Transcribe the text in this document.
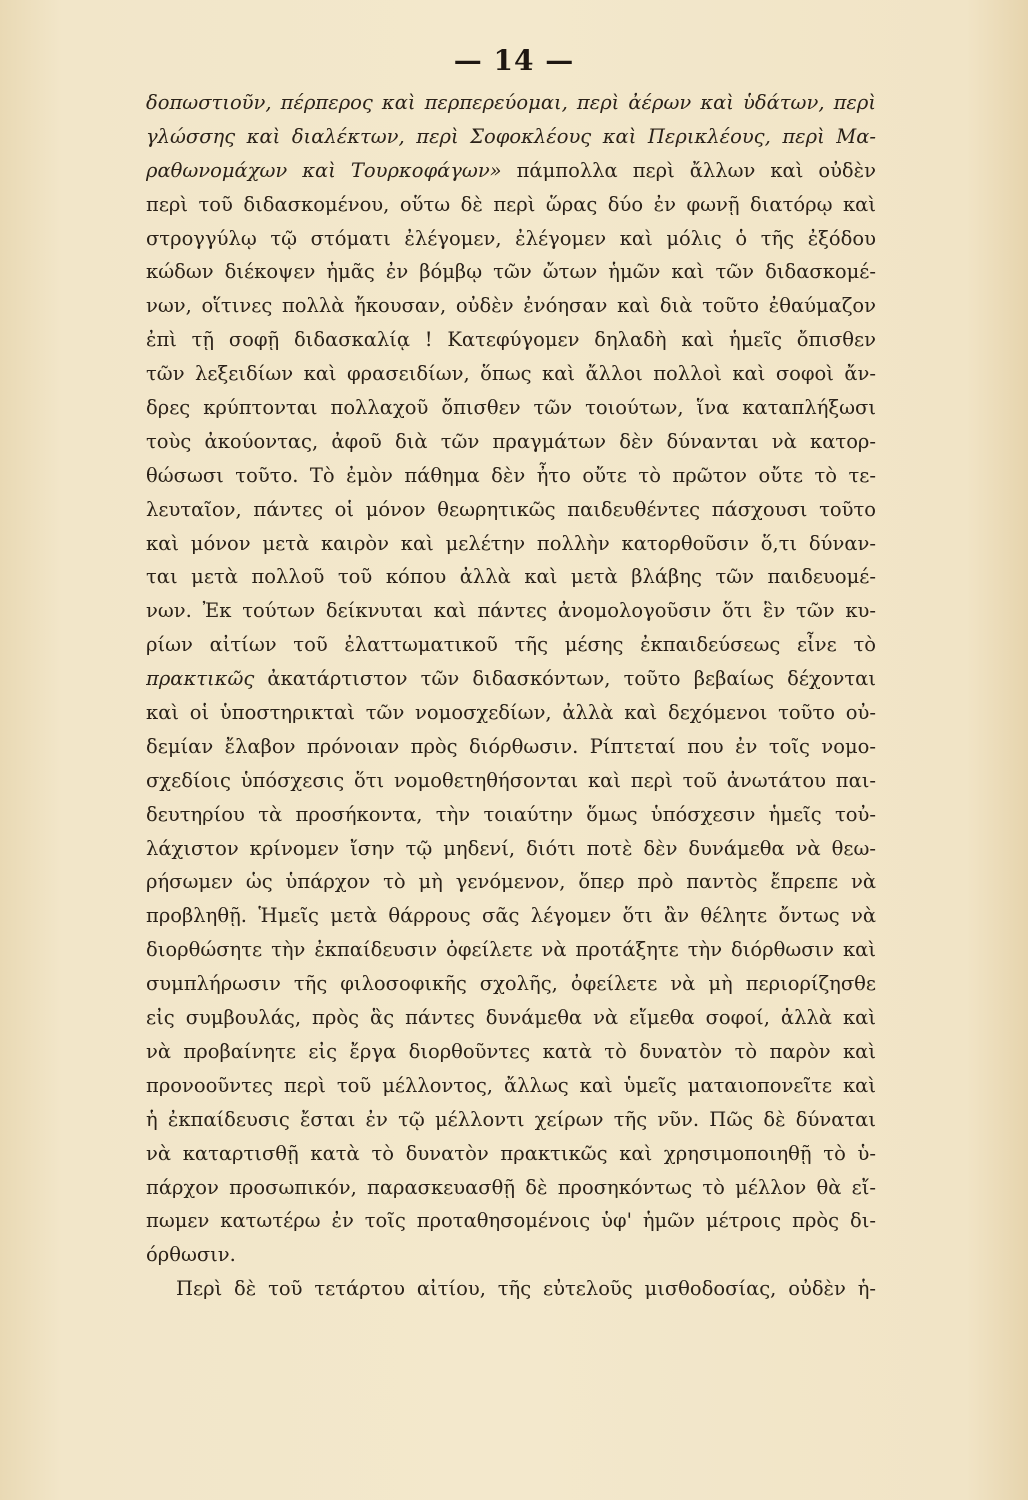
— 14 —
δοπωστιοῦν, πέρπερος καὶ περπερεύομαι, περὶ ἀέρων καὶ ὑδάτων, περὶ
γλώσσης καὶ διαλέκτων, περὶ Σοφοκλέους καὶ Περικλέους, περὶ Μα-
ραθωνομάχων καὶ Τουρκοφάγων» πάμπολλα περὶ ἄλλων καὶ οὐδὲν
περὶ τοῦ διδασκομένου, οὕτω δὲ περὶ ὥρας δύο ἐν φωνῇ διατόρῳ καὶ
στρογγύλῳ τῷ στόματι ἐλέγομεν, ἐλέγομεν καὶ μόλις ὁ τῆς ἐξόδου
κώδων διέκοψεν ἡμᾶς ἐν βόμβῳ τῶν ὤτων ἡμῶν καὶ τῶν διδασκομέ-
νων, οἵτινες πολλὰ ἤκουσαν, οὐδὲν ἐνόησαν καὶ διὰ τοῦτο ἐθαύμαζον
ἐπὶ τῇ σοφῇ διδασκαλίᾳ ! Κατεφύγομεν δηλαδὴ καὶ ἡμεῖς ὄπισθεν
τῶν λεξειδίων καὶ φρασειδίων, ὅπως καὶ ἄλλοι πολλοὶ καὶ σοφοὶ ἄν-
δρες κρύπτονται πολλαχοῦ ὄπισθεν τῶν τοιούτων, ἵνα καταπλήξωσι
τοὺς ἀκούοντας, ἀφοῦ διὰ τῶν πραγμάτων δὲν δύνανται νὰ κατορ-
θώσωσι τοῦτο. Τὸ ἐμὸν πάθημα δὲν ἦτο οὔτε τὸ πρῶτον οὔτε τὸ τε-
λευταῖον, πάντες οἱ μόνον θεωρητικῶς παιδευθέντες πάσχουσι τοῦτο
καὶ μόνον μετὰ καιρὸν καὶ μελέτην πολλὴν κατορθοῦσιν ὅ,τι δύναν-
ται μετὰ πολλοῦ τοῦ κόπου ἀλλὰ καὶ μετὰ βλάβης τῶν παιδευομέ-
νων. Ἐκ τούτων δείκνυται καὶ πάντες ἀνομολογοῦσιν ὅτι ἓν τῶν κυ-
ρίων αἰτίων τοῦ ἐλαττωματικοῦ τῆς μέσης ἐκπαιδεύσεως εἶνε τὸ
πρακτικῶς ἀκατάρτιστον τῶν διδασκόντων, τοῦτο βεβαίως δέχονται
καὶ οἱ ὑποστηρικταὶ τῶν νομοσχεδίων, ἀλλὰ καὶ δεχόμενοι τοῦτο οὐ-
δεμίαν ἔλαβον πρόνοιαν πρὸς διόρθωσιν. Ρίπτεταί που ἐν τοῖς νομο-
σχεδίοις ὑπόσχεσις ὅτι νομοθετηθήσονται καὶ περὶ τοῦ ἀνωτάτου παι-
δευτηρίου τὰ προσήκοντα, τὴν τοιαύτην ὅμως ὑπόσχεσιν ἡμεῖς τοὐ-
λάχιστον κρίνομεν ἴσην τῷ μηδενί, διότι ποτὲ δὲν δυνάμεθα νὰ θεω-
ρήσωμεν ὡς ὑπάρχον τὸ μὴ γενόμενον, ὅπερ πρὸ παντὸς ἔπρεπε νὰ
προβληθῇ. Ἡμεῖς μετὰ θάρρους σᾶς λέγομεν ὅτι ἂν θέλητε ὄντως νὰ
διορθώσητε τὴν ἐκπαίδευσιν ὀφείλετε νὰ προτάξητε τὴν διόρθωσιν καὶ
συμπλήρωσιν τῆς φιλοσοφικῆς σχολῆς, ὀφείλετε νὰ μὴ περιορίζησθε
εἰς συμβουλάς, πρὸς ἃς πάντες δυνάμεθα νὰ εἴμεθα σοφοί, ἀλλὰ καὶ
νὰ προβαίνητε εἰς ἔργα διορθοῦντες κατὰ τὸ δυνατὸν τὸ παρὸν καὶ
προνοοῦντες περὶ τοῦ μέλλοντος, ἄλλως καὶ ὑμεῖς ματαιοπονεῖτε καὶ
ἡ ἐκπαίδευσις ἔσται ἐν τῷ μέλλοντι χείρων τῆς νῦν. Πῶς δὲ δύναται
νὰ καταρτισθῇ κατὰ τὸ δυνατὸν πρακτικῶς καὶ χρησιμοποιηθῇ τὸ ὑ-
πάρχον προσωπικόν, παρασκευασθῇ δὲ προσηκόντως τὸ μέλλον θὰ εἴ-
πωμεν κατωτέρω ἐν τοῖς προταθησομένοις ὑφ' ἡμῶν μέτροις πρὸς δι-
όρθωσιν.
Περὶ δὲ τοῦ τετάρτου αἰτίου, τῆς εὐτελοῦς μισθοδοσίας, οὐδὲν ἡ-
